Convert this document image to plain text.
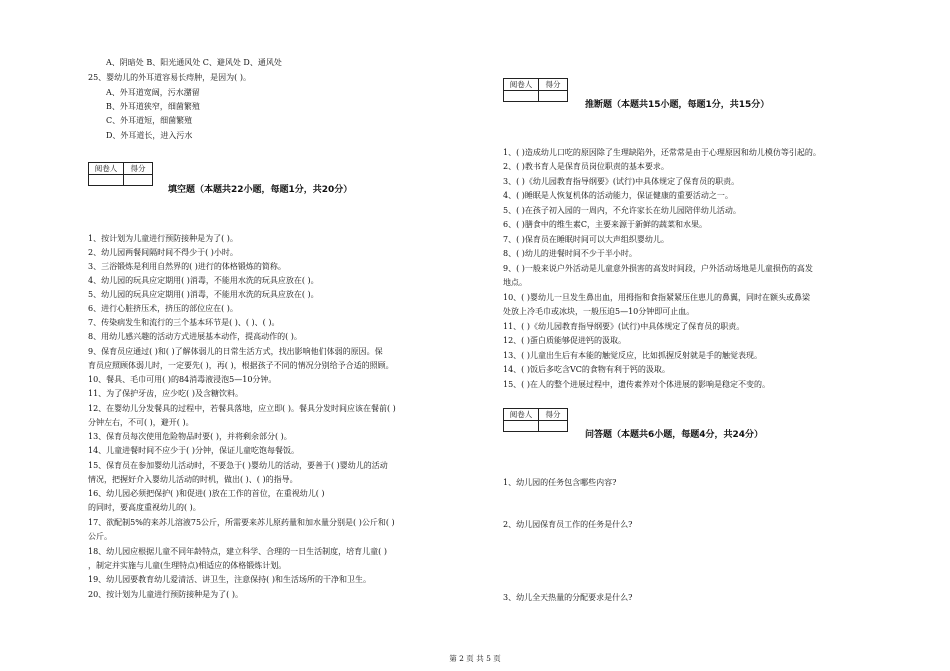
A、阴暗处 B、阳光通风处 C、避风处 D、通风处
25、婴幼儿的外耳道容易长痔肿，是因为( )。
A、外耳道宽阔，污水潴留
B、外耳道狭窄，细菌繁殖
C、外耳道短，细菌繁殖
D、外耳道长，进入污水
阅卷人	得分

填空题（本题共22小题，每题1分，共20分）
1、按计划为儿童进行预防接种是为了( )。
2、幼儿园两餐间隔时间不得少于( )小时。
3、三浴锻炼是利用自然界的( )进行的体格锻炼的简称。
4、幼儿园的玩具应定期用( )消毒，不能用水洗的玩具应放在( )。
5、幼儿园的玩具应定期用( )消毒，不能用水洗的玩具应放在( )。
6、进行心脏挤压术，挤压的部位应在( )。
7、传染病发生和流行的三个基本环节是( )、( )、( )。
8、用幼儿感兴趣的活动方式进展基本动作，提高动作的( )。
9、保育员应通过( )和( )了解体弱儿的日常生活方式，找出影响他们体弱的原因。保
育员应照顾体弱儿时，一定要先( )，再( )，根据孩子不同的情况分别给予合适的照顾。
10、餐具、毛巾可用( )的84消毒液浸泡5—10分钟。
11、为了保护牙齿，应少吃( )及含糖饮料。
12、在婴幼儿分发餐具的过程中，若餐具落地，应立即( )。餐具分发时间应该在餐前( )
分钟左右，不可( )，避开( )。
13、保育员每次使用危险物品时要( )，并将剩余部分( )。
14、儿童进餐时间不应少于( )分钟，保证儿童吃饱每餐饭。
15、保育员在参加婴幼儿活动时，不要急于( )婴幼儿的活动，要善于( )婴幼儿的活动
情况，把握好介入婴幼儿活动的时机，做出( )、( )的指导。
16、幼儿园必须把保护( )和促进( )放在工作的首位，在重视幼儿( )
的同时，要高度重视幼儿的( )。
17、欲配制5%的来苏儿溶液75公斤，所需要来苏儿原药量和加水量分别是( )公斤和( )
公斤。
18、幼儿园应根据儿童不同年龄特点，建立科学、合理的一日生活制度，培育儿童( )
，制定并实施与儿童(生理特点)相适应的体格锻炼计划。
19、幼儿园要教育幼儿爱清活、讲卫生，注意保持( )和生活场所的干净和卫生。
20、按计划为儿童进行预防接种是为了( )。
阅卷人	得分

推断题（本题共15小题，每题1分，共15分）
1、( )造成幼儿口吃的原因除了生理缺陷外，还常常是由于心理原因和幼儿模仿等引起的。
2、( )教书育人是保育员岗位职责的基本要求。
3、( )《幼儿园教育指导纲要》(试行)中具体规定了保育员的职责。
4、( )睡眠是人恢复机体的活动能力，保证健康的重要活动之一。
5、( )在孩子初入园的一周内，不允许家长在幼儿园陪伴幼儿活动。
6、( )膳食中的维生素C，主要来源于新鲜的蔬菜和水果。
7、( )保育员在睡眠时间可以大声组织婴幼儿。
8、( )幼儿的进餐时间不少于半小时。
9、( )一般来说户外活动是儿童意外损害的高发时间段，户外活动场地是儿童损伤的高发
地点。
10、( )婴幼儿一旦发生鼻出血，用拇指和食指紧紧压住患儿的鼻翼，同时在额头或鼻梁
处放上冷毛巾或冰块，一般压迫5—10分钟即可止血。
11、( )《幼儿园教育指导纲要》(试行)中具体规定了保育员的职责。
12、( )蛋白质能够促进钙的汲取。
13、( )儿童出生后有本能的触觉反应，比如抓握反射就是手的触觉表现。
14、( )饭后多吃含VC的食物有利于钙的汲取。
15、( )在人的整个进展过程中，遗传素养对个体进展的影响是稳定不变的。
阅卷人	得分

问答题（本题共6小题，每题4分，共24分）
1、幼儿园的任务包含哪些内容?
2、幼儿园保育员工作的任务是什么?
3、幼儿全天热量的分配要求是什么?
第 2 页 共 5 页
